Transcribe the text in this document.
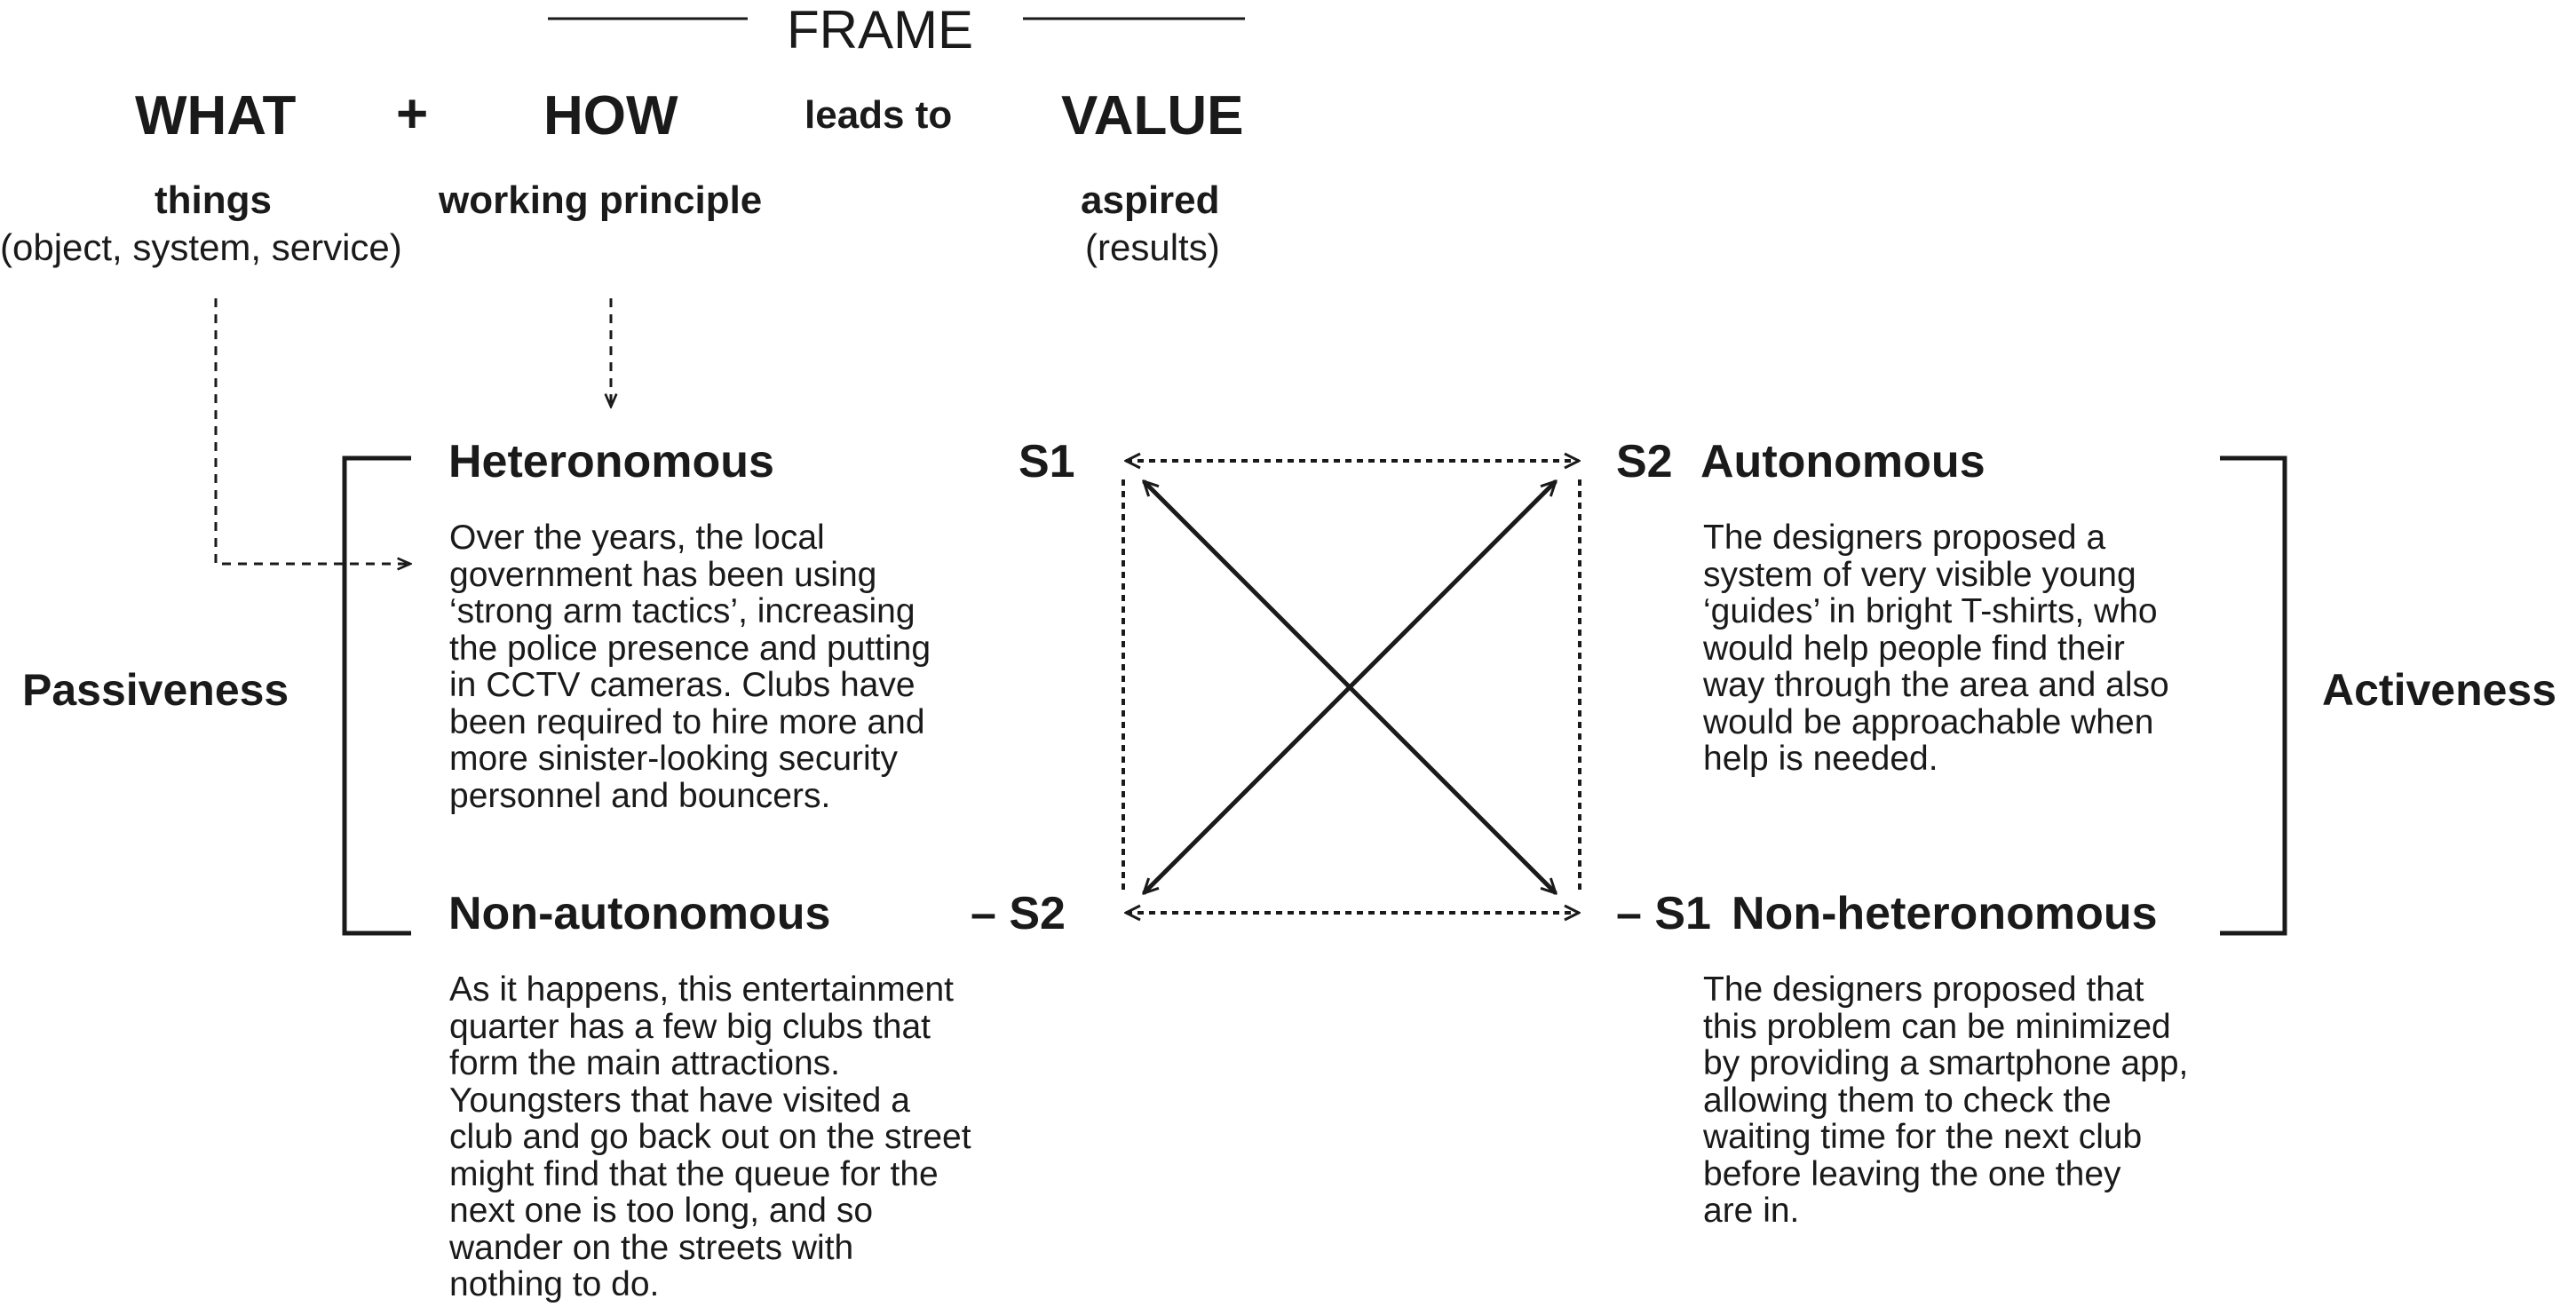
FRAME
WHAT + HOW	leads to VALUE
things
(object, system, service)
working principle	aspired
(results)
Passiveness	Activeness
Heteronomous	S1
Over the years, the local
government has been using
‘strong arm tactics’, increasing
the police presence and putting
in CCTV cameras. Clubs have
been required to hire more and
more sinister-looking security
personnel and bouncers.
S2 Autonomous
The designers proposed a
system of very visible young
‘guides’ in bright T-shirts, who
would help people find their
way through the area and also
would be approachable when
help is needed.
Non-autonomous	– S2
As it happens, this entertainment
quarter has a few big clubs that
form the main attractions.
Youngsters that have visited a
club and go back out on the street
might find that the queue for the
next one is too long, and so
wander on the streets with
nothing to do.
– S1 Non-heteronomous
The designers proposed that
this problem can be minimized
by providing a smartphone app,
allowing them to check the
waiting time for the next club
before leaving the one they
are in.
